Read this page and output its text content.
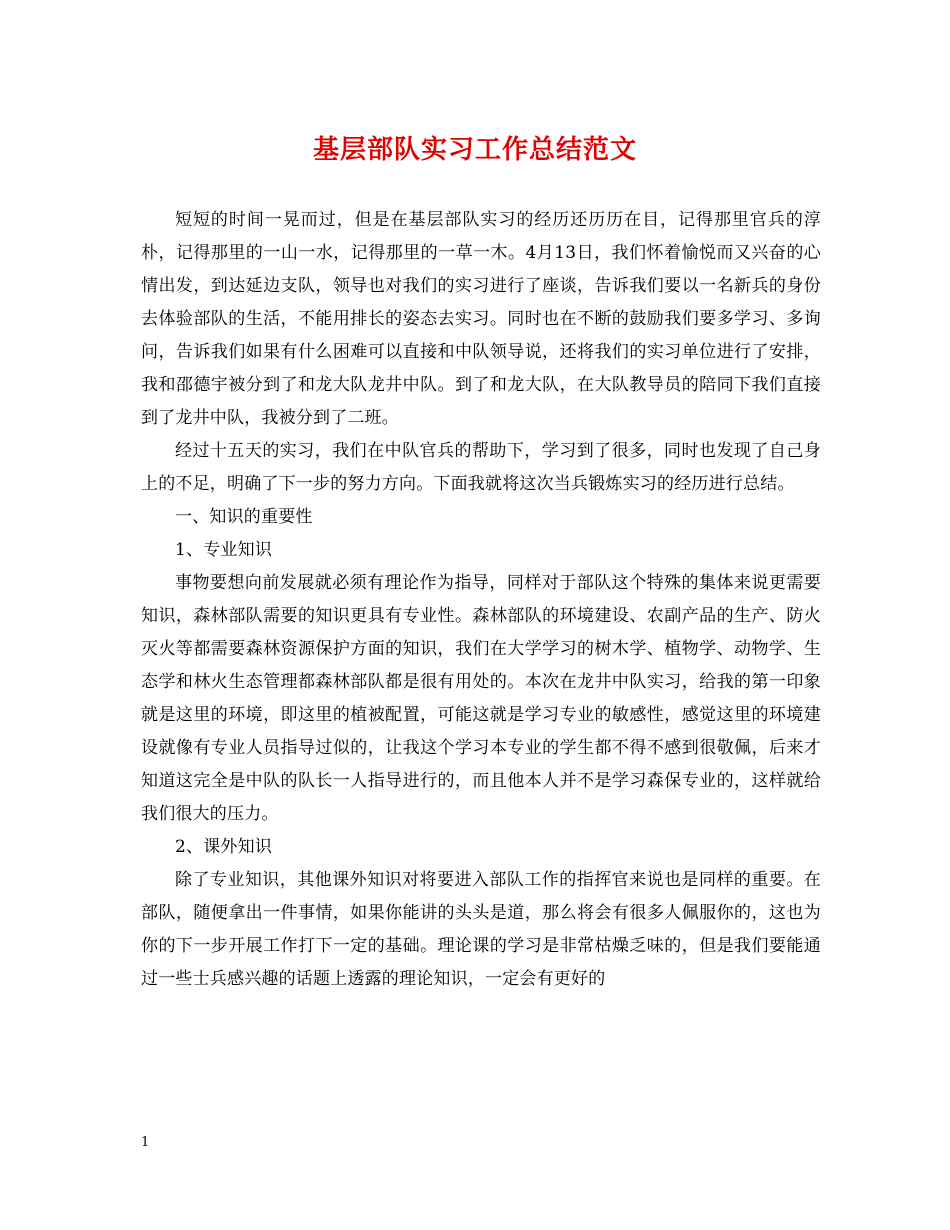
基层部队实习工作总结范文

短短的时间一晃而过，但是在基层部队实习的经历还历历在目，记得那里官兵的淳朴，记得那里的一山一水，记得那里的一草一木。4月13日，我们怀着愉悦而又兴奋的心情出发，到达延边支队，领导也对我们的实习进行了座谈，告诉我们要以一名新兵的身份去体验部队的生活，不能用排长的姿态去实习。同时也在不断的鼓励我们要多学习、多询问，告诉我们如果有什么困难可以直接和中队领导说，还将我们的实习单位进行了安排，我和邵德宇被分到了和龙大队龙井中队。到了和龙大队，在大队教导员的陪同下我们直接到了龙井中队，我被分到了二班。

经过十五天的实习，我们在中队官兵的帮助下，学习到了很多，同时也发现了自己身上的不足，明确了下一步的努力方向。下面我就将这次当兵锻炼实习的经历进行总结。

一、知识的重要性

1、专业知识

事物要想向前发展就必须有理论作为指导，同样对于部队这个特殊的集体来说更需要知识，森林部队需要的知识更具有专业性。森林部队的环境建设、农副产品的生产、防火灭火等都需要森林资源保护方面的知识，我们在大学学习的树木学、植物学、动物学、生态学和林火生态管理都森林部队都是很有用处的。本次在龙井中队实习，给我的第一印象就是这里的环境，即这里的植被配置，可能这就是学习专业的敏感性，感觉这里的环境建设就像有专业人员指导过似的，让我这个学习本专业的学生都不得不感到很敬佩，后来才知道这完全是中队的队长一人指导进行的，而且他本人并不是学习森保专业的，这样就给我们很大的压力。

2、课外知识

除了专业知识，其他课外知识对将要进入部队工作的指挥官来说也是同样的重要。在部队，随便拿出一件事情，如果你能讲的头头是道，那么将会有很多人佩服你的，这也为你的下一步开展工作打下一定的基础。理论课的学习是非常枯燥乏味的，但是我们要能通过一些士兵感兴趣的话题上透露的理论知识，一定会有更好的

1
